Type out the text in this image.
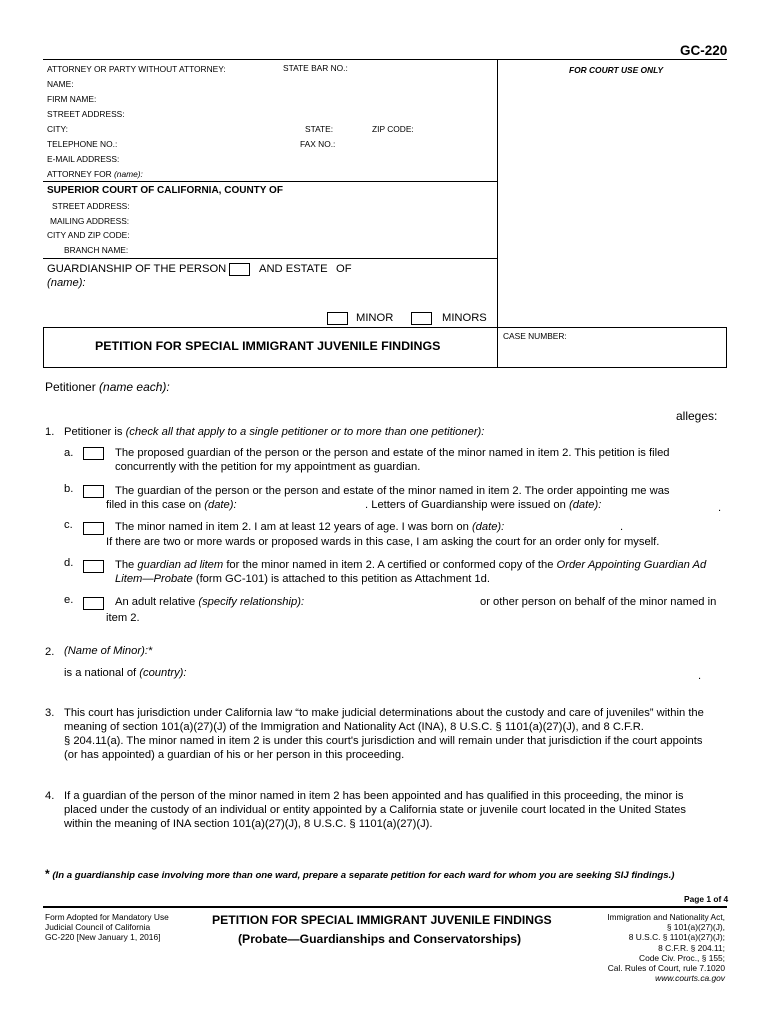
GC-220
ATTORNEY OR PARTY WITHOUT ATTORNEY:	STATE BAR NO.:	FOR COURT USE ONLY
NAME:
FIRM NAME:
STREET ADDRESS:
CITY:	STATE:	ZIP CODE:
TELEPHONE NO.:	FAX NO.:
E-MAIL ADDRESS:
ATTORNEY FOR (name):
SUPERIOR COURT OF CALIFORNIA, COUNTY OF
STREET ADDRESS:
MAILING ADDRESS:
CITY AND ZIP CODE:
BRANCH NAME:
GUARDIANSHIP OF THE PERSON	AND ESTATE OF
(name):
MINOR	MINORS
CASE NUMBER:
PETITION FOR SPECIAL IMMIGRANT JUVENILE FINDINGS
Petitioner (name each):
alleges:
1. Petitioner is (check all that apply to a single petitioner or to more than one petitioner):
a.	The proposed guardian of the person or the person and estate of the minor named in item 2. This petition is filed
concurrently with the petition for my appointment as guardian.
b.	The guardian of the person or the person and estate of the minor named in item 2. The order appointing me was
filed in this case on (date):	. Letters of Guardianship were issued on (date):	.
c.	The minor named in item 2. I am at least 12 years of age. I was born on (date):	.
If there are two or more wards or proposed wards in this case, I am asking the court for an order only for myself.
d.	The guardian ad litem for the minor named in item 2. A certified or conformed copy of the Order Appointing Guardian Ad
Litem—Probate (form GC-101) is attached to this petition as Attachment 1d.
e.	An adult relative (specify relationship):	or other person on behalf of the minor named in
item 2.
2. (Name of Minor):*
is a national of (country):	.
3. This court has jurisdiction under California law “to make judicial determinations about the custody and care of juveniles” within the
meaning of section 101(a)(27)(J) of the Immigration and Nationality Act (INA), 8 U.S.C. § 1101(a)(27)(J), and 8 C.F.R.
§ 204.11(a). The minor named in item 2 is under this court's jurisdiction and will remain under that jurisdiction if the court appoints
(or has appointed) a guardian of his or her person in this proceeding.
4. If a guardian of the person of the minor named in item 2 has been appointed and has qualified in this proceeding, the minor is
placed under the custody of an individual or entity appointed by a California state or juvenile court located in the United States
within the meaning of INA section 101(a)(27)(J), 8 U.S.C. § 1101(a)(27)(J).
* (In a guardianship case involving more than one ward, prepare a separate petition for each ward for whom you are seeking SIJ findings.)
Page 1 of 4
Form Adopted for Mandatory Use
Judicial Council of California
GC-220 [New January 1, 2016]
PETITION FOR SPECIAL IMMIGRANT JUVENILE FINDINGS
(Probate—Guardianships and Conservatorships)
Immigration and Nationality Act,
§ 101(a)(27)(J),
8 U.S.C. § 1101(a)(27)(J);
8 C.F.R. § 204.11;
Code Civ. Proc., § 155;
Cal. Rules of Court, rule 7.1020
www.courts.ca.gov
